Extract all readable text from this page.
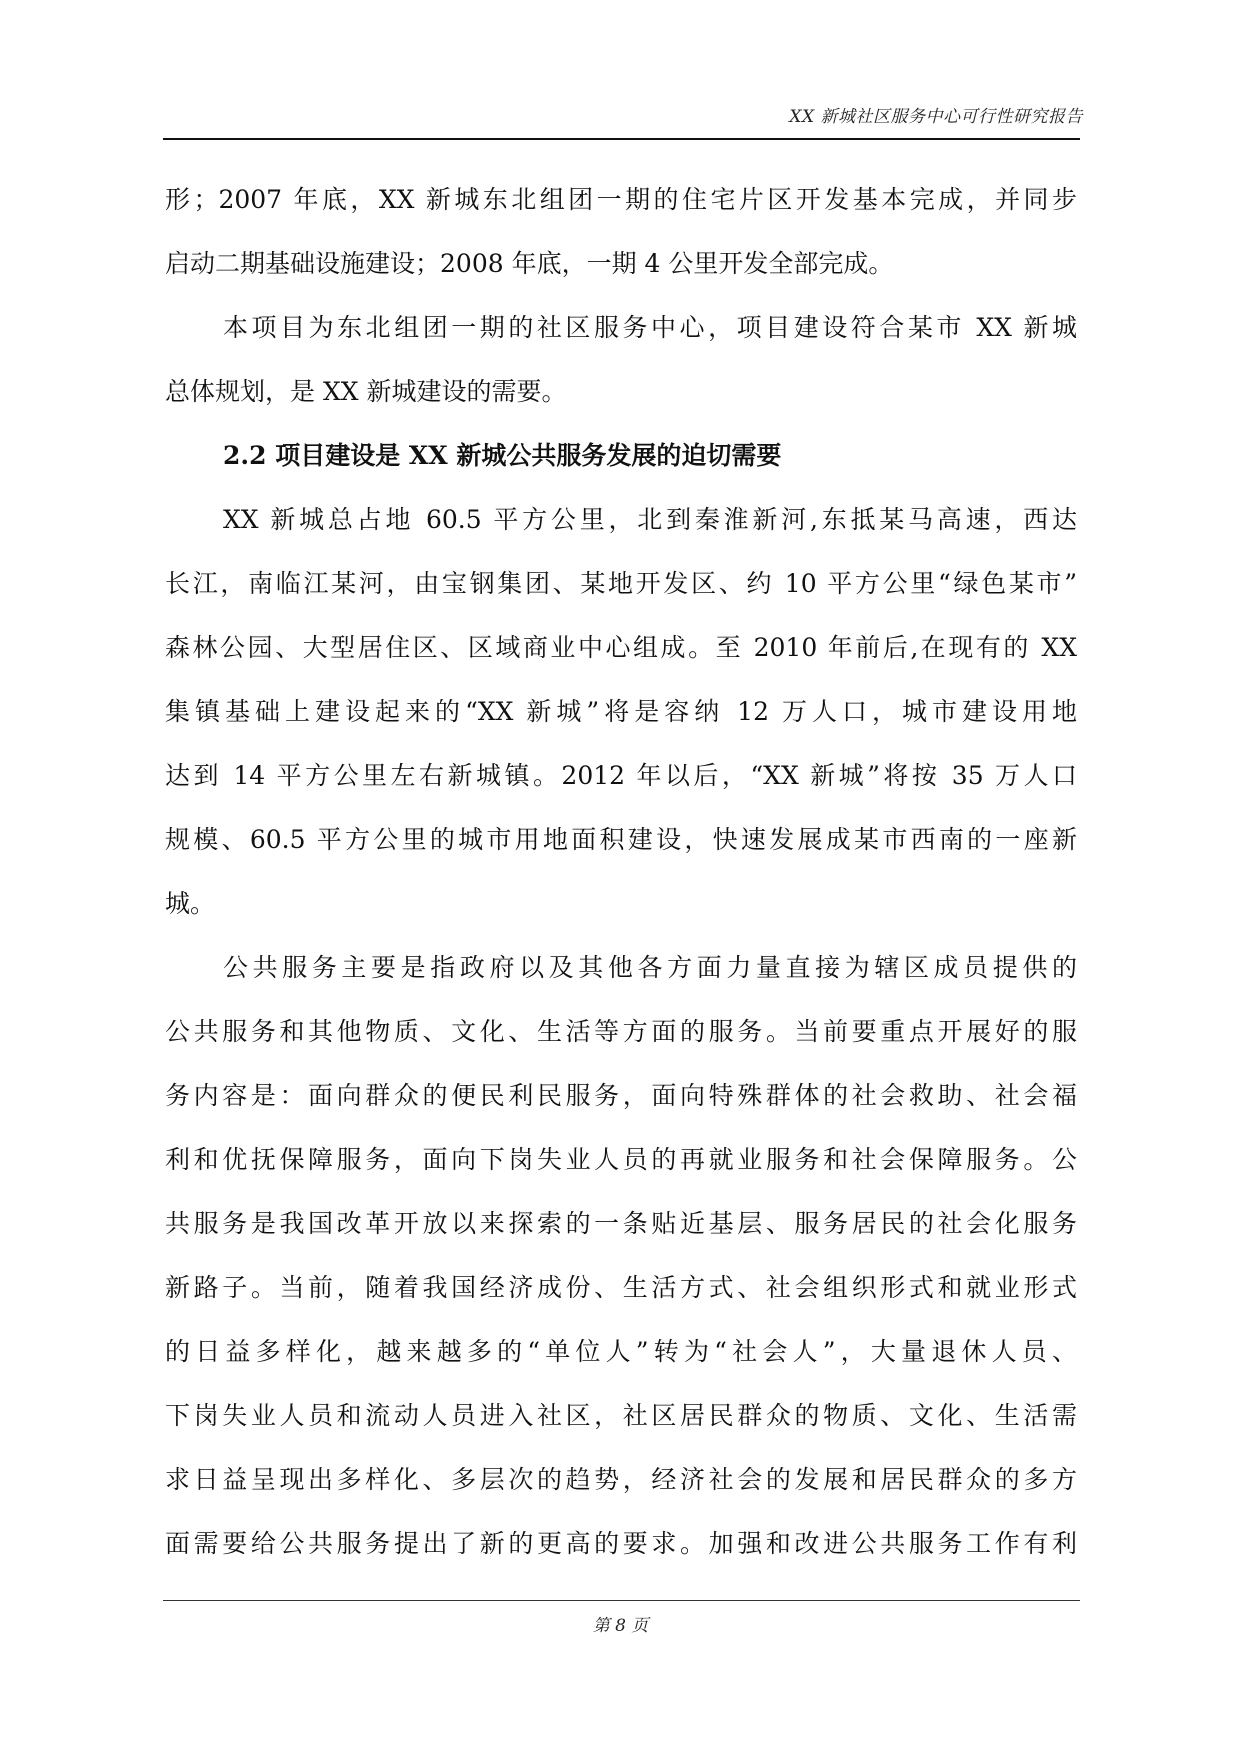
XX 新城社区服务中心可行性研究报告
形；2007 年底，XX 新城东北组团一期的住宅片区开发基本完成，并同步
启动二期基础设施建设；2008 年底，一期 4 公里开发全部完成。
本项目为东北组团一期的社区服务中心，项目建设符合某市 XX 新城
总体规划，是 XX 新城建设的需要。
2.2 项目建设是 XX 新城公共服务发展的迫切需要
XX 新城总占地 60.5 平方公里，北到秦淮新河,东抵某马高速，西达
长江，南临江某河，由宝钢集团、某地开发区、约 10 平方公里“绿色某市”
森林公园、大型居住区、区域商业中心组成。至 2010 年前后,在现有的 XX
集镇基础上建设起来的“XX 新城”将是容纳 12 万人口，城市建设用地
达到 14 平方公里左右新城镇。2012 年以后，“XX 新城”将按 35 万人口
规模、60.5 平方公里的城市用地面积建设，快速发展成某市西南的一座新
城。
公共服务主要是指政府以及其他各方面力量直接为辖区成员提供的
公共服务和其他物质、文化、生活等方面的服务。当前要重点开展好的服
务内容是：面向群众的便民利民服务，面向特殊群体的社会救助、社会福
利和优抚保障服务，面向下岗失业人员的再就业服务和社会保障服务。公
共服务是我国改革开放以来探索的一条贴近基层、服务居民的社会化服务
新路子。当前，随着我国经济成份、生活方式、社会组织形式和就业形式
的日益多样化，越来越多的“单位人”转为“社会人”，大量退休人员、
下岗失业人员和流动人员进入社区，社区居民群众的物质、文化、生活需
求日益呈现出多样化、多层次的趋势，经济社会的发展和居民群众的多方
面需要给公共服务提出了新的更高的要求。加强和改进公共服务工作有利
第 8 页
